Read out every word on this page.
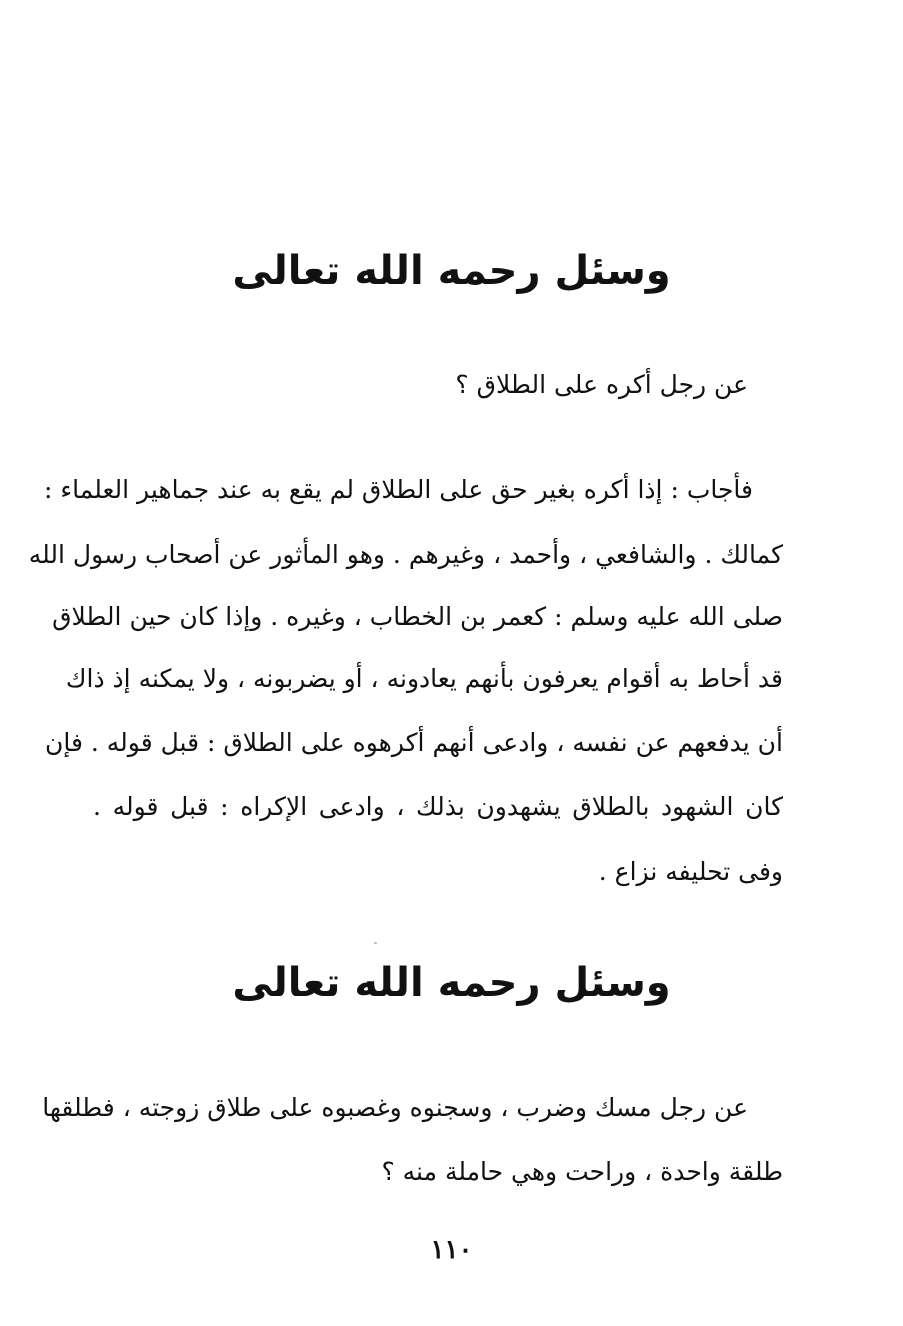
وسئل رحمه الله تعالى
عن رجل أكره على الطلاق ؟
فأجاب : إذا أكره بغير حق على الطلاق لم يقع به عند جماهير العلماء :
كمالك . والشافعي ، وأحمد ، وغيرهم . وهو المأثور عن أصحاب رسول الله
صلى الله عليه وسلم : كعمر بن الخطاب ، وغيره . وإذا كان حين الطلاق
قد أحاط به أقوام يعرفون بأنهم يعادونه ، أو يضربونه ، ولا يمكنه إذ ذاك
أن يدفعهم عن نفسه ، وادعى أنهم أكرهوه على الطلاق : قبل قوله . فإن
كان الشهود بالطلاق يشهدون بذلك ، وادعى الإكراه : قبل قوله .
وفى تحليفه نزاع .
وسئل رحمه الله تعالى
عن رجل مسك وضرب ، وسجنوه وغصبوه على طلاق زوجته ، فطلقها
طلقة واحدة ، وراحت وهي حاملة منه ؟
١١٠
